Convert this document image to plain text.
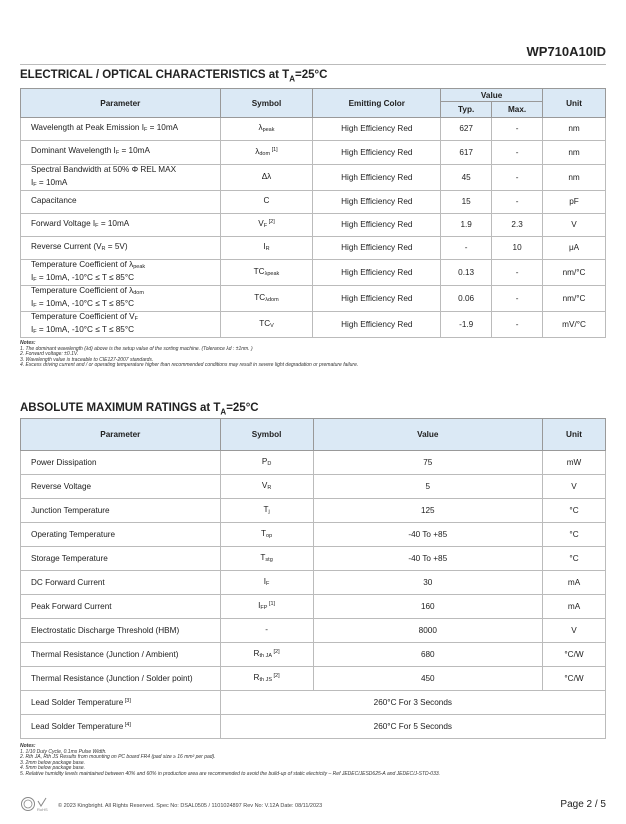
WP710A10ID
ELECTRICAL / OPTICAL CHARACTERISTICS at $T_A=25^\circ C$
Parameter	Symbol	Emitting Color	Value		Unit
			Typ.	Max.	
Wavelength at Peak Emission IF = 10mA	λpeak	High Efficiency Red	627	-	nm
Dominant Wavelength IF = 10mA	λdom [1]	High Efficiency Red	617	-	nm
Spectral Bandwidth at 50% Φ REL MAX
IF = 10mA	Δλ	High Efficiency Red	45	-	nm
Capacitance	C	High Efficiency Red	15	-	pF
Forward Voltage IF = 10mA	VF [2]	High Efficiency Red	1.9	2.3	V
Reverse Current (VR = 5V)	IR	High Efficiency Red	-	10	μA
Temperature Coefficient of λpeak
IF = 10mA, -10°C ≤ T ≤ 85°C	TCλpeak	High Efficiency Red	0.13	-	nm/°C
Temperature Coefficient of λdom
IF = 10mA, -10°C ≤ T ≤ 85°C	TCλdom	High Efficiency Red	0.06	-	nm/°C
Temperature Coefficient of VF
IF = 10mA, -10°C ≤ T ≤ 85°C	TCV	High Efficiency Red	-1.9	-	mV/°C
Notes:
1. The dominant wavelength (λd) above is the setup value of the sorting machine. (Tolerance λd : ±1nm. )
2. Forward voltage: ±0.1V.
3. Wavelength value is traceable to CIE127-2007 standards.
4. Excess driving current and / or operating temperature higher than recommended conditions may result in severe light degradation or premature failure.
ABSOLUTE MAXIMUM RATINGS at $T_A=25^\circ C$
Parameter	Symbol	Value	Unit
Power Dissipation	PD	75	mW
Reverse Voltage	VR	5	V
Junction Temperature	Tj	125	°C
Operating Temperature	Top	-40 To +85	°C
Storage Temperature	Tstg	-40 To +85	°C
DC Forward Current	IF	30	mA
Peak Forward Current	IFP [1]	160	mA
Electrostatic Discharge Threshold (HBM)	-	8000	V
Thermal Resistance (Junction / Ambient)	Rth JA [2]	680	°C/W
Thermal Resistance (Junction / Solder point)	Rth JS [2]	450	°C/W
Lead Solder Temperature [3]	260°C For 3 Seconds		
Lead Solder Temperature [4]	260°C For 5 Seconds		
Notes:
1. 1/10 Duty Cycle, 0.1ms Pulse Width.
2. Rth JA, Rth JS Results from mounting on PC board FR4 (pad size ≥ 16 mm² per pad).
3. 2mm below package base.
4. 5mm below package base.
5. Relative humidity levels maintained between 40% and 60% in production area are recommended to avoid the build-up of static electricity – Ref JEDEC/JESD625-A and JEDEC/J-STD-033.
RoHS
© 2023 Kingbright. All Rights Reserved. Spec No: DSAL0505 / 1101024897 Rev No: V.12A Date: 08/11/2023	Page 2 / 5
